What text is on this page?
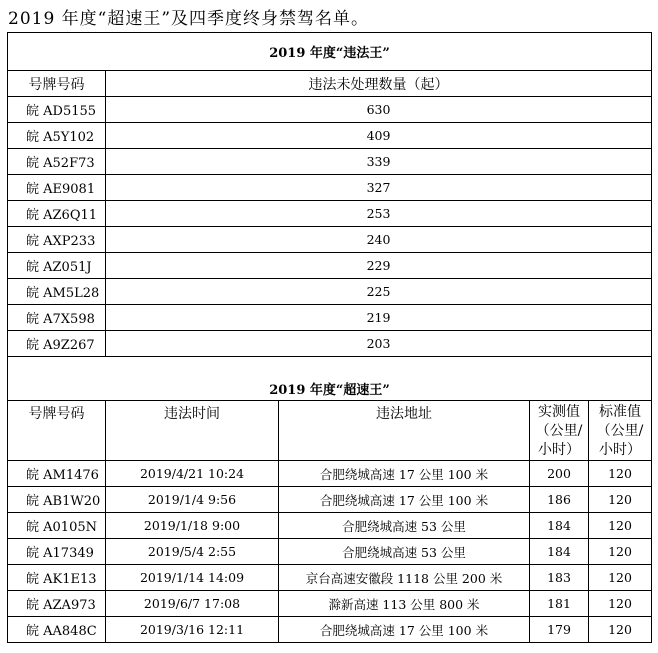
2019 年度“超速王”及四季度终身禁驾名单。
2019 年度“违法王”				
号牌号码	违法未处理数量（起）			
皖 AD5155	630			
皖 A5Y102	409			
皖 A52F73	339			
皖 AE9081	327			
皖 AZ6Q11	253			
皖 AXP233	240			
皖 AZ051J	229			
皖 AM5L28	225			
皖 A7X598	219			
皖 A9Z267	203			
2019 年度“超速王”				
号牌号码	违法时间	违法地址	实测值（公里/小时）	标准值（公里/小时）
皖 AM1476	2019/4/21 10:24	合肥绕城高速 17 公里 100 米	200	120
皖 AB1W20	2019/1/4 9:56	合肥绕城高速 17 公里 100 米	186	120
皖 A0105N	2019/1/18 9:00	合肥绕城高速 53 公里	184	120
皖 A17349	2019/5/4 2:55	合肥绕城高速 53 公里	184	120
皖 AK1E13	2019/1/14 14:09	京台高速安徽段 1118 公里 200 米	183	120
皖 AZA973	2019/6/7 17:08	滁新高速 113 公里 800 米	181	120
皖 AA848C	2019/3/16 12:11	合肥绕城高速 17 公里 100 米	179	120
